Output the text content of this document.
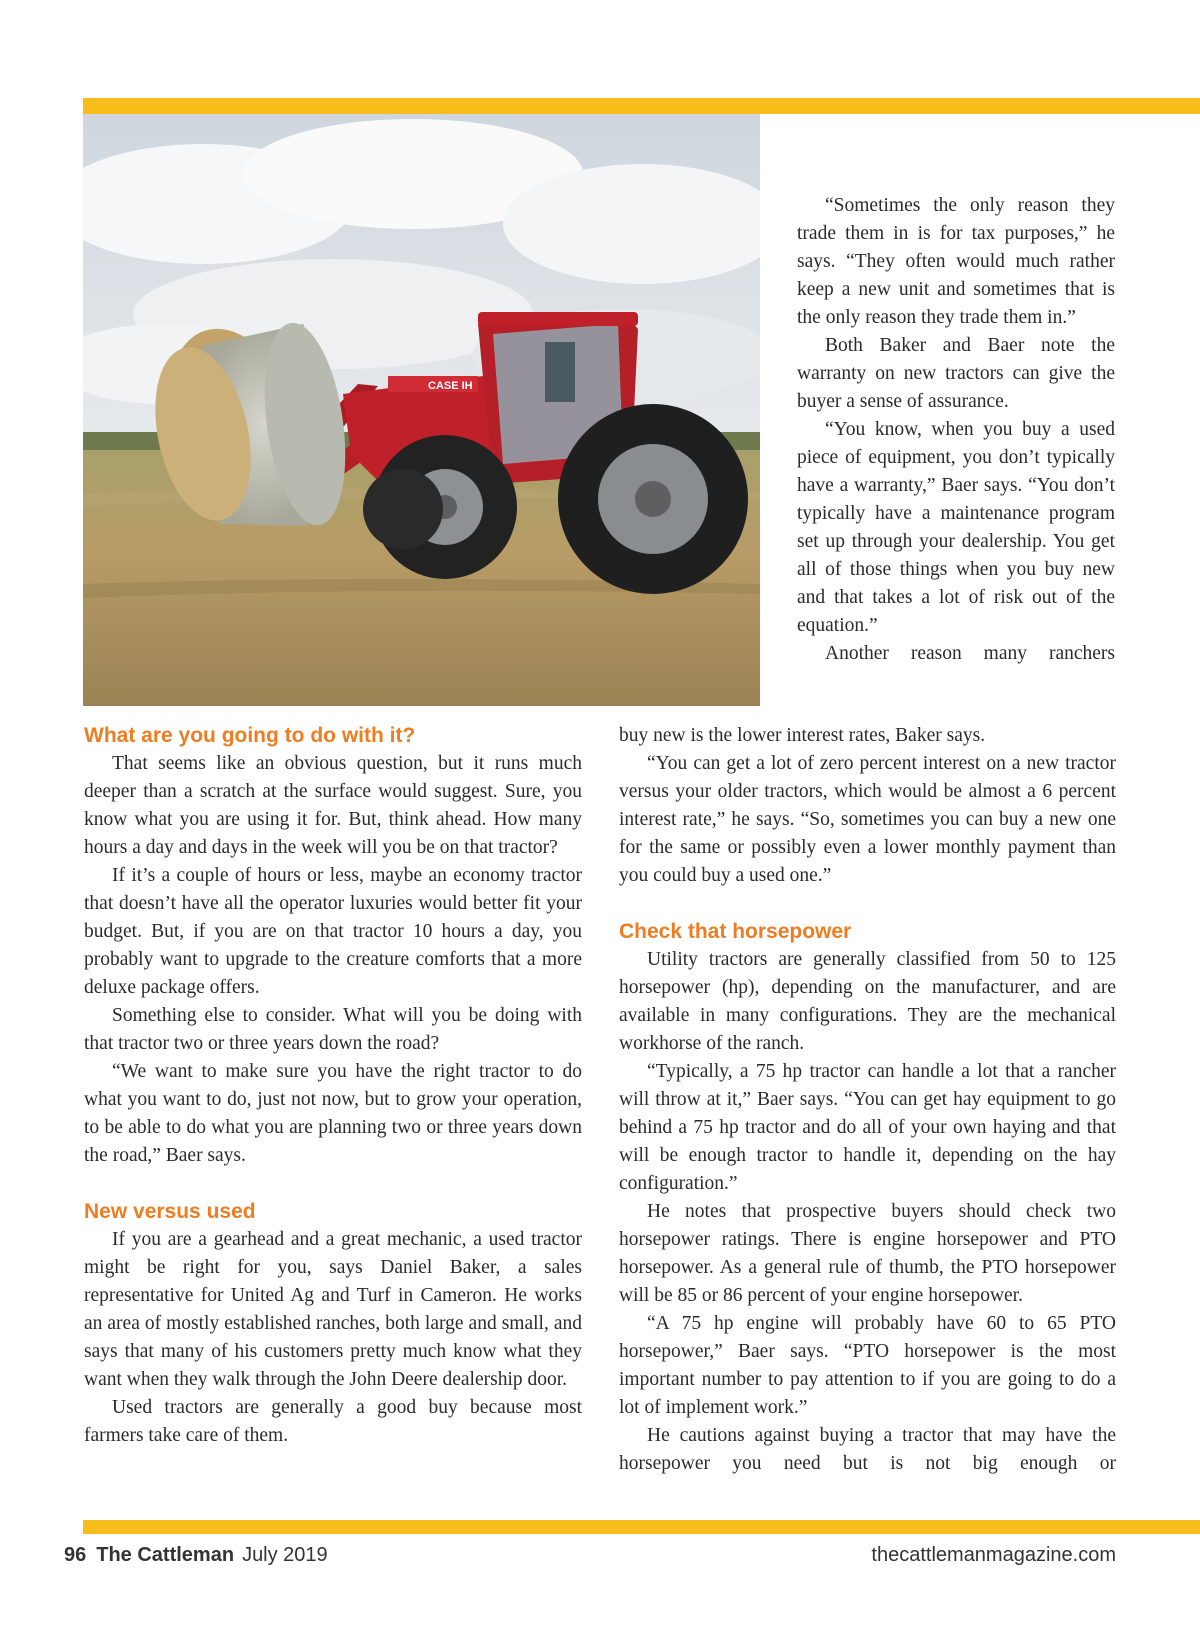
CASE IH

“Sometimes the only reason they trade them in is for tax purposes,” he says. “They often would much rather keep a new unit and sometimes that is the only reason they trade them in.”

Both Baker and Baer note the warranty on new tractors can give the buyer a sense of assurance.

“You know, when you buy a used piece of equipment, you don’t typically have a warranty,” Baer says. “You don’t typically have a maintenance program set up through your dealership. You get all of those things when you buy new and that takes a lot of risk out of the equation.”

Another reason many ranchers

What are you going to do with it?

That seems like an obvious question, but it runs much deeper than a scratch at the surface would suggest. Sure, you know what you are using it for. But, think ahead. How many hours a day and days in the week will you be on that tractor?

If it’s a couple of hours or less, maybe an economy tractor that doesn’t have all the operator luxuries would better fit your budget. But, if you are on that tractor 10 hours a day, you probably want to upgrade to the creature comforts that a more deluxe package offers.

Something else to consider. What will you be doing with that tractor two or three years down the road?

“We want to make sure you have the right tractor to do what you want to do, just not now, but to grow your operation, to be able to do what you are planning two or three years down the road,” Baer says.

New versus used

If you are a gearhead and a great mechanic, a used tractor might be right for you, says Daniel Baker, a sales representative for United Ag and Turf in Cameron. He works an area of mostly established ranches, both large and small, and says that many of his customers pretty much know what they want when they walk through the John Deere dealership door.

Used tractors are generally a good buy because most farmers take care of them.

buy new is the lower interest rates, Baker says.

“You can get a lot of zero percent interest on a new tractor versus your older tractors, which would be almost a 6 percent interest rate,” he says. “So, sometimes you can buy a new one for the same or possibly even a lower monthly payment than you could buy a used one.”

Check that horsepower

Utility tractors are generally classified from 50 to 125 horsepower (hp), depending on the manufacturer, and are available in many configurations. They are the mechanical workhorse of the ranch.

“Typically, a 75 hp tractor can handle a lot that a rancher will throw at it,” Baer says. “You can get hay equipment to go behind a 75 hp tractor and do all of your own haying and that will be enough tractor to handle it, depending on the hay configuration.”

He notes that prospective buyers should check two horsepower ratings. There is engine horsepower and PTO horsepower. As a general rule of thumb, the PTO horsepower will be 85 or 86 percent of your engine horsepower.

“A 75 hp engine will probably have 60 to 65 PTO horsepower,” Baer says. “PTO horsepower is the most important number to pay attention to if you are going to do a lot of implement work.”

He cautions against buying a tractor that may have the horsepower you need but is not big enough or

96 The Cattleman July 2019	thecattlemanmagazine.com
